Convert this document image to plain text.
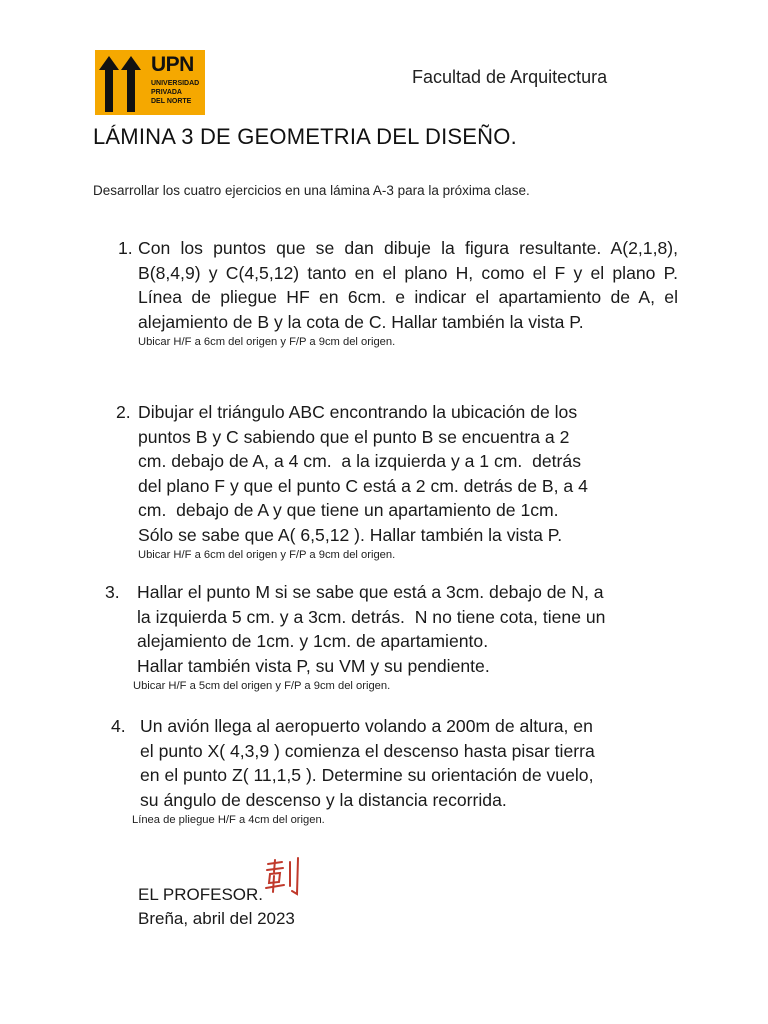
UPN
UNIVERSIDAD
PRIVADA
DEL NORTE
Facultad de Arquitectura
LÁMINA 3 DE GEOMETRIA DEL DISEÑO.
Desarrollar los cuatro ejercicios en una lámina A-3 para la próxima clase.
1. Con los puntos que se dan dibuje la figura resultante. A(2,1,8), B(8,4,9) y C(4,5,12) tanto en el plano H, como el F y el plano P. Línea de pliegue HF en 6cm. e indicar el apartamiento de A, el alejamiento de B y la cota de C. Hallar también la vista P.
Ubicar H/F a 6cm del origen y F/P a 9cm del origen.
2. Dibujar el triángulo ABC encontrando la ubicación de los
puntos B y C sabiendo que el punto B se encuentra a 2
cm. debajo de A, a 4 cm.  a la izquierda y a 1 cm.  detrás
del plano F y que el punto C está a 2 cm. detrás de B, a 4
cm.  debajo de A y que tiene un apartamiento de 1cm.
Sólo se sabe que A( 6,5,12 ). Hallar también la vista P.
Ubicar H/F a 6cm del origen y F/P a 9cm del origen.
3. Hallar el punto M si se sabe que está a 3cm. debajo de N, a
la izquierda 5 cm. y a 3cm. detrás.  N no tiene cota, tiene un
alejamiento de 1cm. y 1cm. de apartamiento.
Hallar también vista P, su VM y su pendiente.
Ubicar H/F a 5cm del origen y F/P a 9cm del origen.
4. Un avión llega al aeropuerto volando a 200m de altura, en
el punto X( 4,3,9 ) comienza el descenso hasta pisar tierra
en el punto Z( 11,1,5 ). Determine su orientación de vuelo,
su ángulo de descenso y la distancia recorrida.
Línea de pliegue H/F a 4cm del origen.
EL PROFESOR.
Breña, abril del 2023
